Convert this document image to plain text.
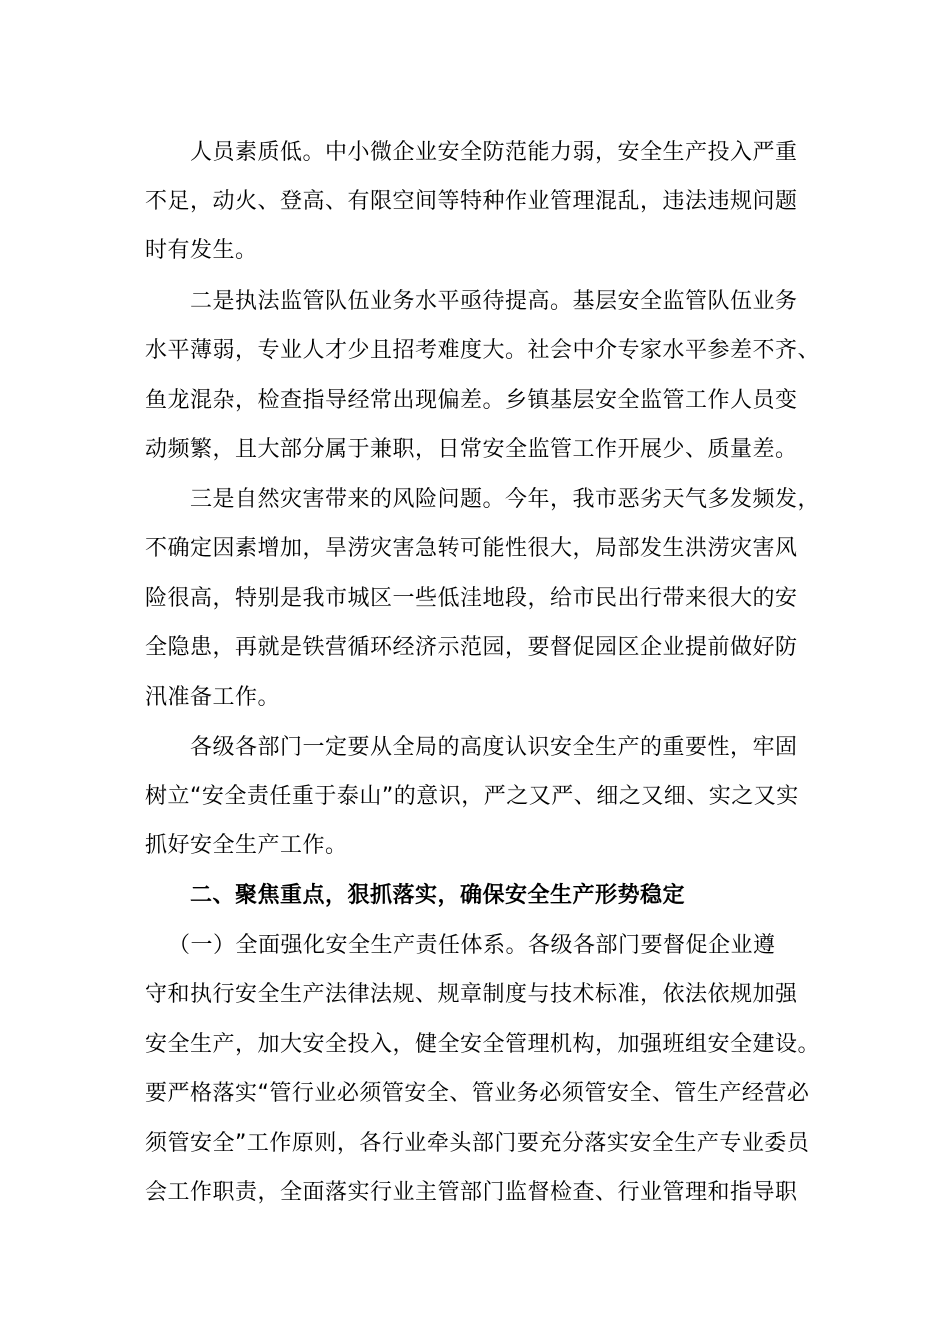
人员素质低。中小微企业安全防范能力弱，安全生产投入严重
不足，动火、登高、有限空间等特种作业管理混乱，违法违规问题
时有发生。
二是执法监管队伍业务水平亟待提高。基层安全监管队伍业务
水平薄弱，专业人才少且招考难度大。社会中介专家水平参差不齐、
鱼龙混杂，检查指导经常出现偏差。乡镇基层安全监管工作人员变
动频繁，且大部分属于兼职，日常安全监管工作开展少、质量差。
三是自然灾害带来的风险问题。今年，我市恶劣天气多发频发，
不确定因素增加，旱涝灾害急转可能性很大，局部发生洪涝灾害风
险很高，特别是我市城区一些低洼地段，给市民出行带来很大的安
全隐患，再就是铁营循环经济示范园，要督促园区企业提前做好防
汛准备工作。
各级各部门一定要从全局的高度认识安全生产的重要性，牢固
树立“安全责任重于泰山”的意识，严之又严、细之又细、实之又实
抓好安全生产工作。
二、聚焦重点，狠抓落实，确保安全生产形势稳定
（一）全面强化安全生产责任体系。各级各部门要督促企业遵
守和执行安全生产法律法规、规章制度与技术标准，依法依规加强
安全生产，加大安全投入，健全安全管理机构，加强班组安全建设。
要严格落实“管行业必须管安全、管业务必须管安全、管生产经营必
须管安全”工作原则，各行业牵头部门要充分落实安全生产专业委员
会工作职责，全面落实行业主管部门监督检查、行业管理和指导职
